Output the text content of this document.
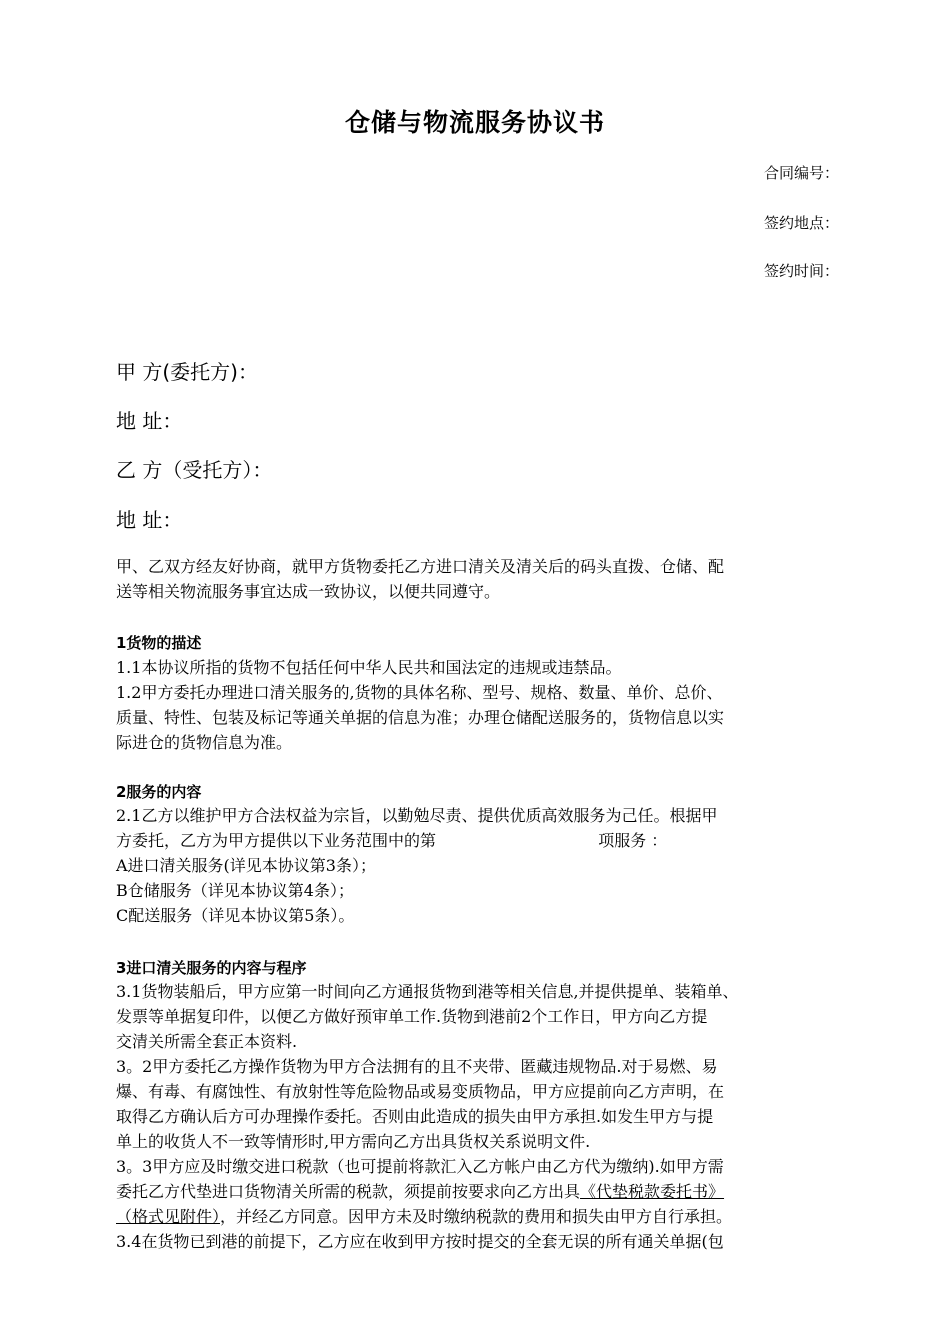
仓储与物流服务协议书
合同编号：
签约地点：
签约时间：
甲 方(委托方)：
地 址：
乙 方（受托方）：
地 址：
甲、乙双方经友好协商，就甲方货物委托乙方进口清关及清关后的码头直拨、仓储、配
送等相关物流服务事宜达成一致协议，以便共同遵守。
1货物的描述
1.1本协议所指的货物不包括任何中华人民共和国法定的违规或违禁品。
1.2甲方委托办理进口清关服务的,货物的具体名称、型号、规格、数量、单价、总价、
质量、特性、包装及标记等通关单据的信息为准；办理仓储配送服务的，货物信息以实
际进仓的货物信息为准。
2服务的内容
2.1乙方以维护甲方合法权益为宗旨，以勤勉尽责、提供优质高效服务为己任。根据甲
方委托，乙方为甲方提供以下业务范围中的第	项服务 ：
A进口清关服务(详见本协议第3条）；
B仓储服务（详见本协议第4条）；
C配送服务（详见本协议第5条）。
3进口清关服务的内容与程序
3.1货物装船后，甲方应第一时间向乙方通报货物到港等相关信息,并提供提单、装箱单、
发票等单据复印件，以便乙方做好预审单工作.货物到港前2个工作日，甲方向乙方提
交清关所需全套正本资料.
3。2甲方委托乙方操作货物为甲方合法拥有的且不夹带、匿藏违规物品.对于易燃、易
爆、有毒、有腐蚀性、有放射性等危险物品或易变质物品，甲方应提前向乙方声明，在
取得乙方确认后方可办理操作委托。否则由此造成的损失由甲方承担.如发生甲方与提
单上的收货人不一致等情形时,甲方需向乙方出具货权关系说明文件.
3。3甲方应及时缴交进口税款（也可提前将款汇入乙方帐户由乙方代为缴纳).如甲方需
委托乙方代垫进口货物清关所需的税款，须提前按要求向乙方出具《代垫税款委托书》
（格式见附件），并经乙方同意。因甲方未及时缴纳税款的费用和损失由甲方自行承担。
3.4在货物已到港的前提下，乙方应在收到甲方按时提交的全套无误的所有通关单据(包
